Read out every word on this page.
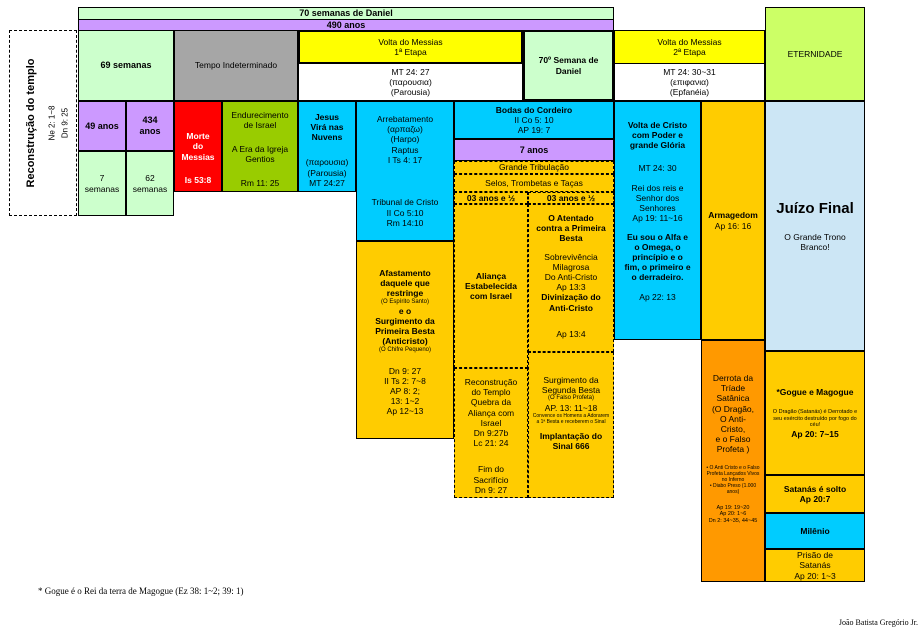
70 semanas de Daniel
490 anos
Reconstrução do templo Ne 2: 1~8 Dn 9: 25
69 semanas	Tempo Indeterminado
Volta do Messias
1ª Etapa
MT 24: 27
(παρουσια)
(Parousia)
70º Semana de
Daniel
Volta do Messias
2ª Etapa
MT 24: 30~31
(επιφανια)
(Epfanéia)
ETERNIDADE
49 anos
434
anos
7
semanas
62
semanas
Morte
do
Messias
Is 53:8
Endurecimento
de Israel
A Era da Igreja
Gentios
Rm 11: 25
Jesus
Virá nas
Nuvens
(παρουσια)
(Parousia)
MT 24:27
Arrebatamento
(αρπαζω)
(Harpo)
Raptus
I Ts 4: 17
Tribunal de Cristo
II Co 5:10
Rm 14:10
Bodas do Cordeiro
II Co 5: 10
AP 19: 7
7 anos
Grande Tribulação
Selos, Trombetas e Taças
03 anos e ½	03 anos e ½
Volta de Cristo
com Poder e
grande Glória
MT 24: 30
Rei dos reis e
Senhor dos
Senhores
Ap 19: 11~16
Eu sou o Alfa e
o Omega, o
princípio e o
fim, o primeiro e
o derradeiro.
Ap 22: 13
Armagedom
Ap 16: 16
Juízo Final
O Grande Trono
Branco!
Afastamento
daquele que
restringe
(O Espírito Santo)
e o
Surgimento da
Primeira Besta
(Anticristo)
(O Chifre Pequeno)
Dn 9: 27
II Ts 2: 7~8
AP 8: 2;
13: 1~2
Ap 12~13
Aliança
Estabelecida
com Israel
Reconstrução
do Templo
Quebra da
Aliança com
Israel
Dn 9:27b
Lc 21: 24
Fim do
Sacrifício
Dn 9: 27
O Atentado
contra a Primeira
Besta
Sobrevivência
Milagrosa
Do Anti-Cristo
Ap 13:3
Divinização do
Anti-Cristo
Ap 13:4
Surgimento da
Segunda Besta
(O Falso Profeta)
AP. 13: 11~18
Convence os Homens a Adorarem a 1ª Besta e receberem o Sinal
Implantação do
Sinal 666
Derrota da
Tríade
Satânica
(O Dragão,
O Anti-
Cristo,
e o Falso
Profeta )
• O Anti Cristo e o Falso Profeta Lançados Vivos no Inferno
• Diabo Preso (1.000 anos)
Ap 19: 19~20
Ap 20: 1~6
Dn 2: 34~35, 44~45
*Gogue e Magogue
O Dragão (Satanás) é Derrotado e seu exército destruído por fogo do céu!
Ap 20: 7~15
Satanás é solto
Ap 20:7
Milênio
Prisão de
Satanás
Ap 20: 1~3
* Gogue é o Rei da terra de Magogue (Ez 38: 1~2; 39: 1)
João Batista Gregório Jr.
